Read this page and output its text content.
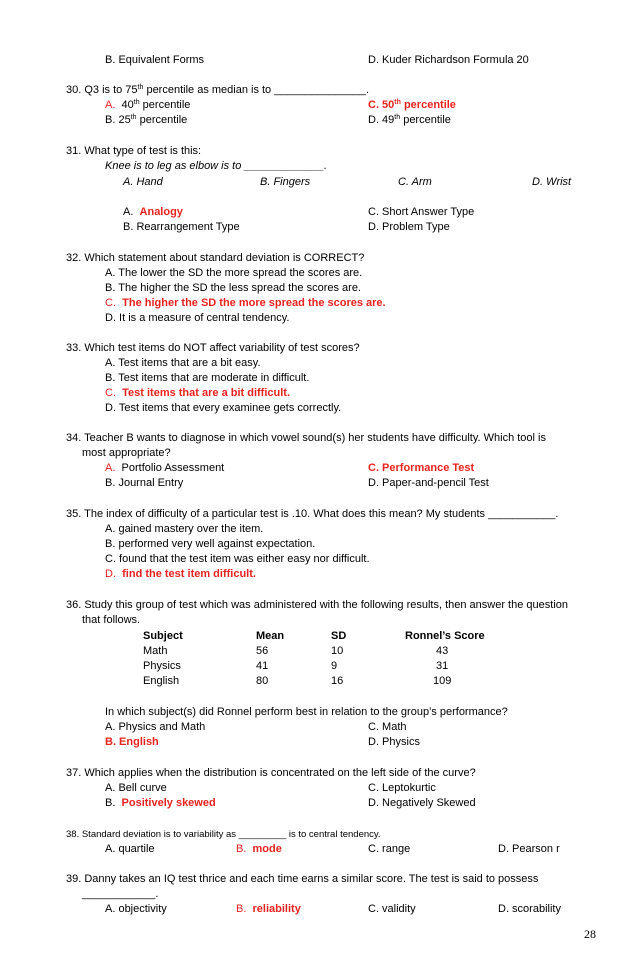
B. Equivalent Forms	D. Kuder Richardson Formula 20
30. Q3 is to 75th percentile as median is to _______________.
A. 40th percentile	C. 50th percentile
B. 25th percentile	D. 49th percentile
31. What type of test is this:
Knee is to leg as elbow is to _____________.
A. Hand	B. Fingers	C. Arm	D. Wrist
A. Analogy	C. Short Answer Type
B. Rearrangement Type	D. Problem Type
32. Which statement about standard deviation is CORRECT?
A. The lower the SD the more spread the scores are.
B. The higher the SD the less spread the scores are.
C. The higher the SD the more spread the scores are.
D. It is a measure of central tendency.
33. Which test items do NOT affect variability of test scores?
A. Test items that are a bit easy.
B. Test items that are moderate in difficult.
C. Test items that are a bit difficult.
D. Test items that every examinee gets correctly.
34. Teacher B wants to diagnose in which vowel sound(s) her students have difficulty. Which tool is
most appropriate?
A. Portfolio Assessment	C. Performance Test
B. Journal Entry	D. Paper-and-pencil Test
35. The index of difficulty of a particular test is .10. What does this mean? My students ___________.
A. gained mastery over the item.
B. performed very well against expectation.
C. found that the test item was either easy nor difficult.
D. find the test item difficult.
36. Study this group of test which was administered with the following results, then answer the question
that follows.
Subject	Mean	SD	Ronnel’s Score
Math	56	10	43
Physics	41	9	31
English	80	16	109
In which subject(s) did Ronnel perform best in relation to the group’s performance?
A. Physics and Math	C. Math
B. English	D. Physics
37. Which applies when the distribution is concentrated on the left side of the curve?
A. Bell curve	C. Leptokurtic
B. Positively skewed	D. Negatively Skewed
38. Standard deviation is to variability as _________ is to central tendency.
A. quartile	B. mode	C. range	D. Pearson r
39. Danny takes an IQ test thrice and each time earns a similar score. The test is said to possess
____________.
A. objectivity	B. reliability	C. validity	D. scorability
28
